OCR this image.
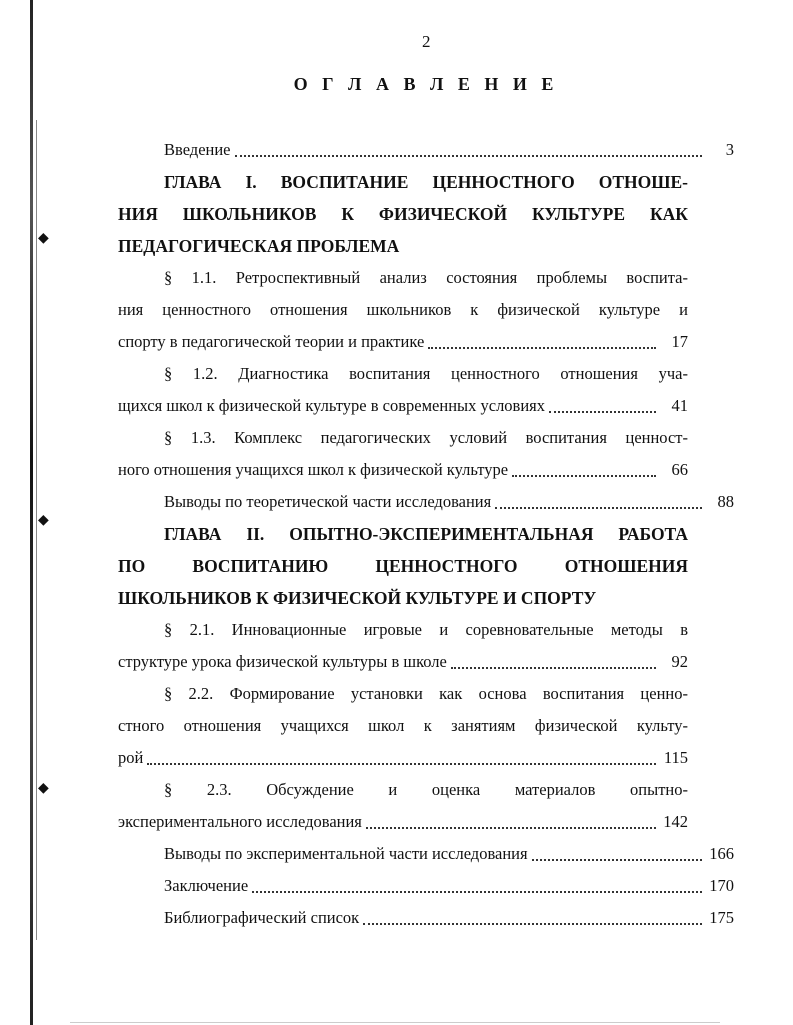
◆
◆
◆
2
О Г Л А В Л Е Н И Е
Введение	3
ГЛАВА I. ВОСПИТАНИЕ ЦЕННОСТНОГО ОТНОШЕ-
НИЯ ШКОЛЬНИКОВ К ФИЗИЧЕСКОЙ КУЛЬТУРЕ КАК
ПЕДАГОГИЧЕСКАЯ ПРОБЛЕМА
§ 1.1. Ретроспективный анализ состояния проблемы воспита-
ния ценностного отношения школьников к физической культуре и
спорту в педагогической теории и практике	17
§ 1.2. Диагностика воспитания ценностного отношения уча-
щихся школ к физической культуре в современных условиях	41
§ 1.3. Комплекс педагогических условий воспитания ценност-
ного отношения учащихся школ к физической культуре	66
Выводы по теоретической части исследования	88
ГЛАВА II. ОПЫТНО-ЭКСПЕРИМЕНТАЛЬНАЯ РАБОТА
ПО ВОСПИТАНИЮ ЦЕННОСТНОГО ОТНОШЕНИЯ
ШКОЛЬНИКОВ К ФИЗИЧЕСКОЙ КУЛЬТУРЕ И СПОРТУ
§ 2.1. Инновационные игровые и соревновательные методы в
структуре урока физической культуры в школе	92
§ 2.2. Формирование установки как основа воспитания ценно-
стного отношения учащихся школ к занятиям физической культу-
рой	115
§ 2.3. Обсуждение и оценка материалов опытно-
экспериментального исследования	142
Выводы по экспериментальной части исследования	166
Заключение	170
Библиографический список	175
